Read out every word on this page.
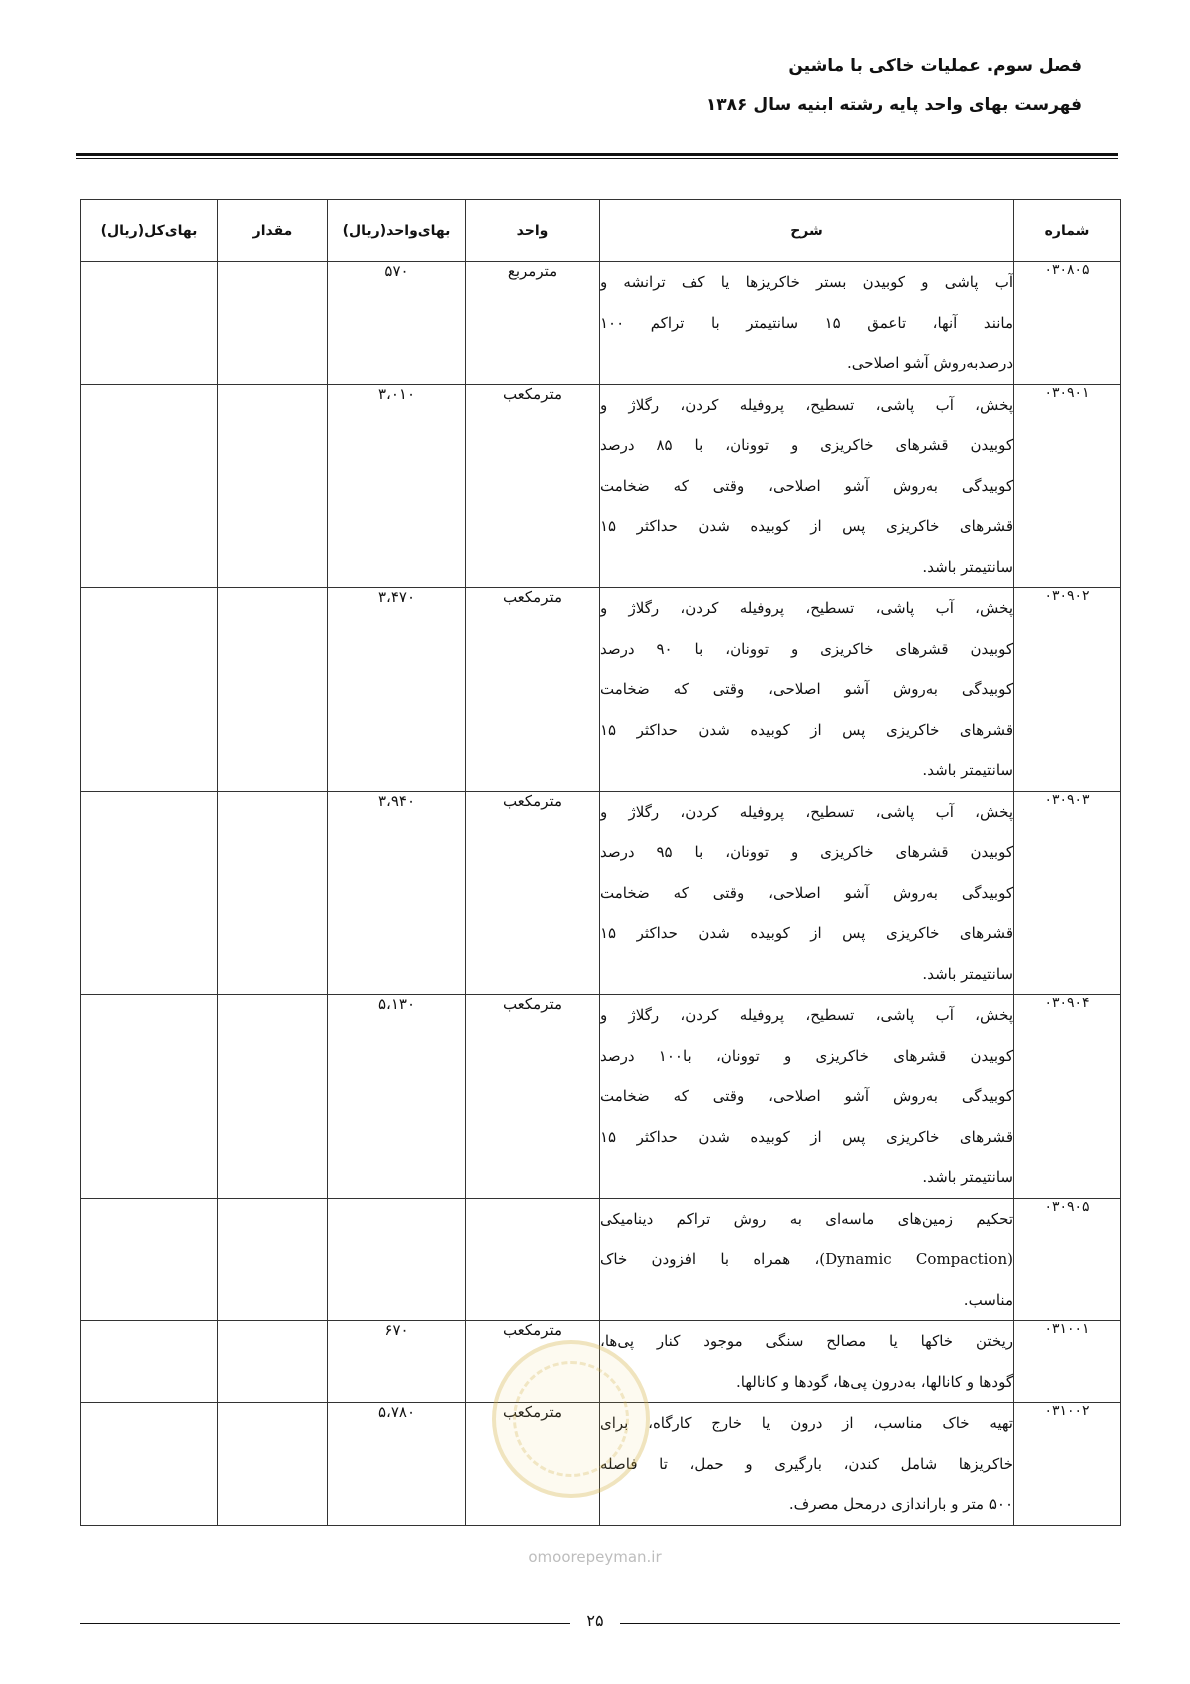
فصل سوم. عملیات خاکی با ماشین
فهرست بهای واحد پایه رشته ابنیه سال ۱۳۸۶
شماره	شرح	واحد	بهای‌واحد(ریال)	مقدار	بهای‌کل(ریال)
۰۳۰۸۰۵	آب پاشی و کوبیدن بستر خاکریزها یا کف ترانشه و
مانند آنها، تاعمق ۱۵ سانتیمتر با تراکم ۱۰۰
درصدبه‌روش آشو اصلاحی.	مترمربع	۵۷۰		
۰۳۰۹۰۱	پخش، آب پاشی، تسطیح، پروفیله کردن، رگلاژ و
کوبیدن قشرهای خاکریزی و توونان، با ۸۵ درصد
کوبیدگی به‌روش آشو اصلاحی، وقتی که ضخامت
قشرهای خاکریزی پس از کوبیده شدن حداکثر ۱۵
سانتیمتر باشد.	مترمکعب	۳،۰۱۰		
۰۳۰۹۰۲	پخش، آب پاشی، تسطیح، پروفیله کردن، رگلاژ و
کوبیدن قشرهای خاکریزی و توونان، با ۹۰ درصد
کوبیدگی به‌روش آشو اصلاحی، وقتی که ضخامت
قشرهای خاکریزی پس از کوبیده شدن حداکثر ۱۵
سانتیمتر باشد.	مترمکعب	۳،۴۷۰		
۰۳۰۹۰۳	پخش، آب پاشی، تسطیح، پروفیله کردن، رگلاژ و
کوبیدن قشرهای خاکریزی و توونان، با ۹۵ درصد
کوبیدگی به‌روش آشو اصلاحی، وقتی که ضخامت
قشرهای خاکریزی پس از کوبیده شدن حداکثر ۱۵
سانتیمتر باشد.	مترمکعب	۳،۹۴۰		
۰۳۰۹۰۴	پخش، آب پاشی، تسطیح، پروفیله کردن، رگلاژ و
کوبیدن قشرهای خاکریزی و توونان، با۱۰۰ درصد
کوبیدگی به‌روش آشو اصلاحی، وقتی که ضخامت
قشرهای خاکریزی پس از کوبیده شدن حداکثر ۱۵
سانتیمتر باشد.	مترمکعب	۵،۱۳۰		
۰۳۰۹۰۵	تحکیم زمین‌های ماسه‌ای به روش تراکم دینامیکی
(Dynamic Compaction)، همراه با افزودن خاک
مناسب.				

۰۳۱۰۰۱	ریختن خاکها یا مصالح سنگی موجود کنار پی‌ها،
گودها و کانالها، به‌درون پی‌ها، گودها و کانالها.	مترمکعب	۶۷۰		
۰۳۱۰۰۲	تهیه خاک مناسب، از درون یا خارج کارگاه، برای
خاکریزها شامل کندن، بارگیری و حمل، تا فاصله
۵۰۰ متر و باراندازی درمحل مصرف.	مترمکعب	۵،۷۸۰		
omoorepeyman.ir
۲۵
